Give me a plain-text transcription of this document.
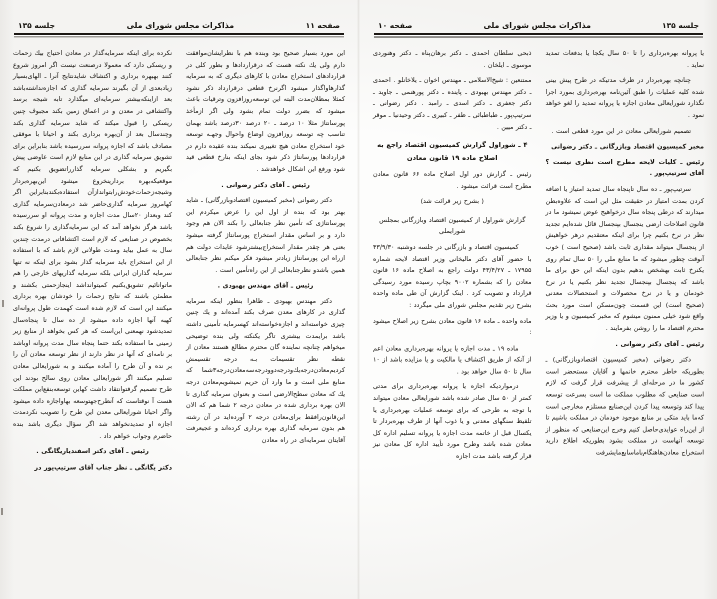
جلسه ۱۳۵
مذاکرات مجلس شورای ملی
صفحه ۱۰

یا پروانه بهره‌برداری را تا ۵۰ سال یکجا یا بدفعات تمدید نماید .

چنانچه بهره‌بردار در ظرف مدتیکه در طرح پیش بینی شده کلیه عملیات را طبق آئین‌نامه بهره‌برداری بمورد اجرا نگذارد شورایعالی معادن اجازه یا پروانه تمدید را لغو خواهد نمود .

تصمیم شورایعالی معادن در این مورد قطعی است .

مخبر کمیسیون اقتصاد وبازرگانی ـ دکتر رضوانی

رئیس ـ کلیات لایحه مطرح است نظری نیست ؟ آقای سرتیپ‌پور .

سرتیپ‌پور ـ ده سال تاپنجاه سال تمدید امتیاز یا اضافه کردن بمدت امتیاز در حقیقت مثل این است که علاوه‌بطن میدارند که درطی پنجاه سال درخواهیج عوض نمیشود ما در قانون اصلاحات ارضی ینجسال بپنجسال قائل شده‌ایم تجدید نظر در نرخ بکنیم چرا برای اینکه معتقدیم درهر خواهیش از پنجسال میتواند مقداری ثابت باشد (صحیح است ) خوب آنوقت چطور میشود که ما منابع ملی را ۵۰ سال تمام روی یکنرخ ثابت بهشخص بدهیم بدون اینکه این حق برای ما باشد که پنجسال بپنجسال تجدید نظر بکنیم یا در نرخ خودمان و یا در نرخ محصولات و استحصالات معدنی (صحیح است) این قسمت چون‌مسکن است مورد بحث واقع شود خیلی ممنون میشوم که مخبر کمیسیون و یا وزیر محترم اقتصاد ما را روشن بفرمایند .

رئیس ـ آقای دکتر رضوانی .

دکتر رضوانی (مخبر کمیسیون اقتصادوبازرگانی) ـ بطوریکه خاطر محترم خانمها و آقایان مستحضر است کشور ما در مرحله‌ای از پیشرفت قرار گرفت که لازم است صنایعی که مطلوب مملکت ما است بسرعت توسعه پیدا کند وتوسعه پیدا کردن این‌صنایع مستلزم مخارجی است که‌ما باید متکی بر منابع موجود خودمان در مملکت باشیم تا از این‌راه عوایدی‌حاصل کنیم وخرج این‌صنایعی که منظور از توسعه آنهاست در مملکت بشود بطوریکه اطلاع دارید استخراج معادن‌هاهنگام‌باماسابع‌مایشرفت

ذبحی سلطان احمدی ـ دکتر برهان‌پناه ـ دکتر وهنوردی موسوی ـ ایلخان .

ممتنعین : شیخ‌الاسلامی ـ مهندس اخوان ـ یلاخانلو . احمدی ـ دکتر مهندس بهبودی ـ پاینده ـ دکتر پورهنمی ـ جاوید ـ دکتر جعفری ـ دکتر اسدی ـ رامبد . دکتر رضوانی ـ سرتیپ‌پور ـ طباطبائی ـ ظفر ـ کبیری ـ دکتر وحیدنیا ـ موقر ـ دکتر میین .

۴ ـ شوراول گزارش کمیسیون اقتصاد راجع به اصلاح ماده ۱۹ قانون معادن

رئیس ـ گزارش دور اول اصلاح ماده ۶۶ قانون معادن مطرح است قرائت میشود .

( بشرح زیر قرائت شد)

گزارش شوراول از کمیسیون اقتصاد وبازرگانی بمجلس شورایملی

کمیسیون اقتصاد و بازرگانی در جلسه دوشنبه ۴۳/۹/۳۰ با حضور آقای دکتر مالیخانی وزیر اقتصاد لایحه شماره ۱۷۹۵۵ ـ ۴۳/۴/۲۷ دولت راجع به اصلاح ماده ۱۶ قانون معادن را که بشماره ۹۰۰۲ بچاپ رسیده مورد رسیدگی قرارداد و تصویب کرد . اینک گزارش آن طی ماده واحده بشرح زیر تقدیم مجلس شورای ملی میگردد :

ماده واحده ـ ماده ۱۶ قانون معادن بشرح زیر اصلاح میشود :

ماده ۱۹ ـ مدت اجازه یا پروانه بهره‌برداری معادن اعم از آنکه از طریق اکتشاف یا مالکیت و یا مزایده باشد از ۱۰ سال تا ۵۰ سال خواهد بود .

درمواردیکه اجازه یا پروانه بهره‌برداری برای مدتی کمتر از ۵۰ سال صادر شده باشد شورایعالی معادن میتواند با توجه به طرحی که برای توسعه عملیات بهره‌برداری یا تلفیظ سنگهای معدنی و یا ذوب آنها از طرف بهره‌بردار تا یکسال قبل از خاتمه مدت اجازه یا پروانه تسلیم اداره کل معادن شده باشد وطرح مورد تأیید اداره کل معادن نیز قرار گرفته باشد مدت اجازه

صفحه ۱۱
مذاکرات مجلس شورای ملی
جلسه ۱۳۵

این مورد بسیار صحیح بود وبنده هم با نظرایشان‌موافقت دارم ولی یك نکته هست که درقراردادها و بطور کلی در قراردادهای استخراج معادن با کارهای دیگری که به سرمایه گذارهاواگذار میشود اگرنرخ قطعی درقرارداد ذکر نشود کمثلا بمظلان‌مدت البته این توسعه‌روزافزون وترقیات باعث میشود که بضرر دولت تمام بشود ولی اگر ازمأخذ پورسانتاژ مثلا ۱۰ درصد ـ ۲۰ درصد ۳۰درصد باشد بهمان تناسب چه توسعه روزافزون اوضاع واحوال وجهـه توسعه خود استخراج معادن هیچ تغییری نمیکند بنده عقیده دارم در قراردادها پورسانتاژ ذکر شود بجای اینکه بنارخ قطعی قید شود ورفع این اشکال خواهدشد .

رئیس ـ آقای دکتر رضوانی .

دکتر رضوانی (مخبر کمیسیون اقتصادوبازرگانی) ـ شاید بهتر بود که بنده از اول این را عرض میکردم این پورسانتاژی که تأمین نظر جنابعالی را بکند الان هم وجود دارد و بر اساس مقدار استخراج پورسانتاژ گرفته میشود بعنی هر چقدر مقدار استخراج‌بیشتر‌شود عایدات دولت هم ازراه این پورسانتاژ زیادتر میشود فکر میکنم نظر جنابعالی همین باشدو نظرجنابعالی از این راه‌تأمین است .

رئیس ـ آقای مهندس بهبودی .

دکتر مهندس بهبودی ـ ظاهرا بنظور اینکه سرمایه گذاری در کارهای معدن صرف بکند آمده‌اند و یك چنین چیزی خواسته‌اند و اجازه‌خواسته‌اند کهسرمایه تأمینی داشته باشد برایمدت بیشتری تاگر یکنکته ولی بنده توضیحی میخواهم چنانچه نماینده گان محترم مطالع هستند معادن از نقطه نظر تقسیمات بـه درجه تقسیمش کردیم‌معادن‌در‌جه‌یك‌و‌در‌جه‌دو‌و‌در‌جه‌سه‌معادن‌در‌جه‌۳شما که منابع ملی است و ما وارد آن حریم نمیشویم‌معادن درجه یك که معادن سطح‌الارضی است و بعنوان سرمایه گذاری تا الان بهره برداری شده در معادن درجه ۲ شما هم که الان این‌قانون‌را‌فقط برای‌معادن درجه ۲ آورده‌اید در آن رشته هم بدون سرمایه گذاری بهره برداری کرده‌اند و عجیعرفت آقایتان سرمایه‌ای در راه معادن

نکرده برای اینکه سرمایه‌گذار در معادن احتیاج بیك زحمات و ریسکی دارد که معمولا درصنعت نیست اگر امروز شروع کنند بهبهره برداری و اکتشاف شایدنتایج آنرا ـ الهای‌بسیار زیادبعدی از آن بگیرند سرمایه گذاری که اجازه‌نداشته‌باشد بعد ازاینکه‌بیشتر سرمایه‌ای میگذارد تابه شیجه برسد واکتشافی در معدن و در اعماق زمین بکند مجبوف چنین ریسکی را قبول میکند که شاید سرمایه گذاری بکند وچندسال بعد از آن‌بهره برداری بکند و احیانا با موفقی مصادف باشد که اجازه پروانه سررسیده باشد بنابراین برای تشویق سرمایه گذاری در این منابع لازم است عاوضی پیش بگیریم و بشکلی سرمایه گذارراتضویق بکنیم که موقعیکه‌بهره بردارینخروع میشود این‌بهره‌بردار وشیجه‌زحمات‌خودش‌رابتواندازآن استفاده‌بکندبنابراین اگر کهامروز سرمایه گذاری‌حاضر شد درمعادن‌سرمایه گذاری کند وبعداز ۲۰سال مدت اجازه و مدت پروانه او سررسیده باشد هرگز نخواهد آمد که این سرمایه‌گذاری را شروع بکند بخصوص در صنایعی که لازم است اکتشافاتی درمدت چندین سال به عمل بیاید ومدت طولانی لازم باشد که با استفاده از این استخراج باید سرمایه گذار بشود برای اینکه نه تنها سرمایه گذاران ایرانی بلکه سرمایه گذاریهای خارجی را هم ماتوانائیم تشویق‌بکنیم کمیتوانداشد اینجازحمتی بکشند و مطمئن باشند که نتایج زحمات را خودشان بهره برداری میکنند این است که لازم شده است کهمدت طول پروانه‌ای کهبه آنها اجازه داده میشود از ده سال تا پنجاه‌سال تمدیدشود نهمعنی این‌است که هر کس بخواهد از منابع زیر زمینی ما استفاده بکند حتما پنجاه سال مدت پروانه اوباشد بر نامه‌ای که آنها در نظر دارند از نظر توسعه معادن آن را بر نده و آن طرح را آماده میکنند و به شورایعالی معادن تسلیم میکنند اگر شورایعالی معادن روی سالح بودند این طرح تصمیم گرفتوانتقاد داشت کهاین توسعه‌بنفع‌این مملکت هست آ نوقتاست که آنطرح‌جهتوسعه بهاواجازه داده میشود واگر احیانا شورایعالی معدن این طرح را تصویب نکردمدت اجازه او تمدیدنخواهد شد اگر سؤال دیگری باشد بنده حاضرم وجواب خواهم داد .

رئیس ـ آقای دکتر اسفندیاریگانگی .

دکتر یگانگی ـ نظر جناب آقای سرتیپ‌پور در
